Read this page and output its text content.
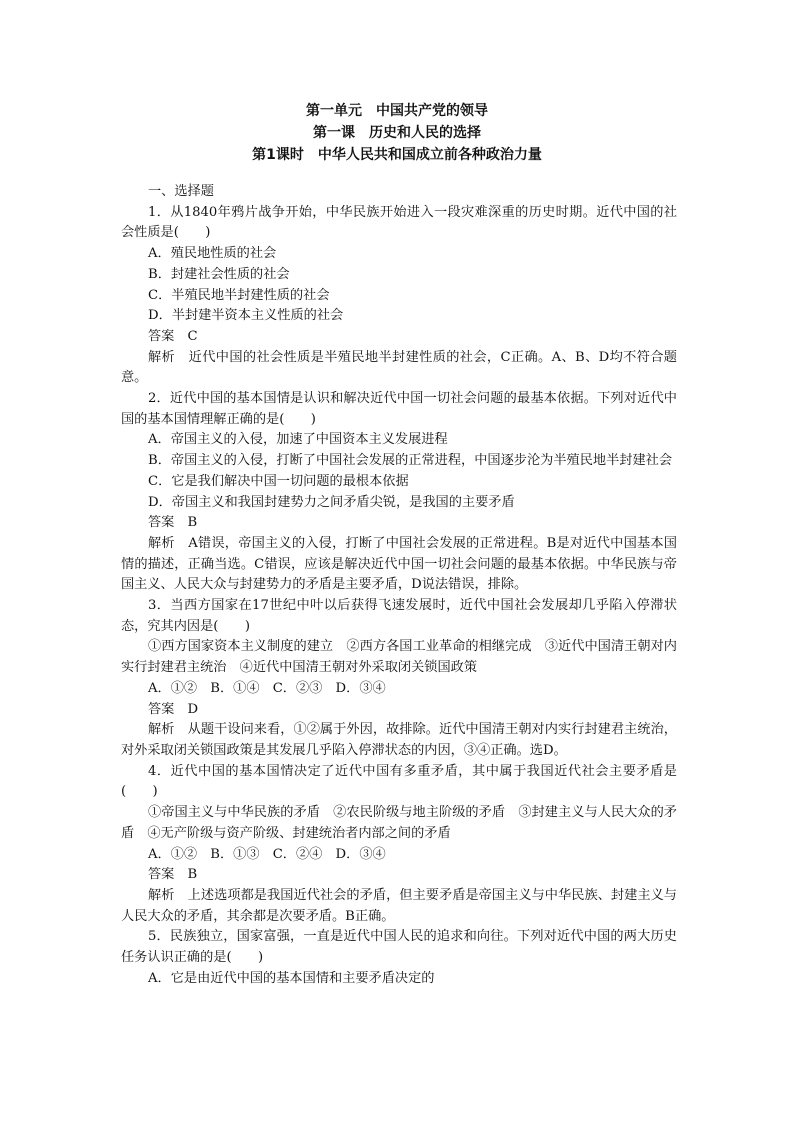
第一单元　中国共产党的领导
第一课　历史和人民的选择
第1课时　中华人民共和国成立前各种政治力量

一、选择题

1．从1840年鸦片战争开始，中华民族开始进入一段灾难深重的历史时期。近代中国的社会性质是(　　)

A．殖民地性质的社会

B．封建社会性质的社会

C．半殖民地半封建性质的社会

D．半封建半资本主义性质的社会

答案　C

解析　近代中国的社会性质是半殖民地半封建性质的社会，C正确。A、B、D均不符合题意。

2．近代中国的基本国情是认识和解决近代中国一切社会问题的最基本依据。下列对近代中国的基本国情理解正确的是(　　)

A．帝国主义的入侵，加速了中国资本主义发展进程

B．帝国主义的入侵，打断了中国社会发展的正常进程，中国逐步沦为半殖民地半封建社会

C．它是我们解决中国一切问题的最根本依据

D．帝国主义和我国封建势力之间矛盾尖锐，是我国的主要矛盾

答案　B

解析　A错误，帝国主义的入侵，打断了中国社会发展的正常进程。B是对近代中国基本国情的描述，正确当选。C错误，应该是解决近代中国一切社会问题的最基本依据。中华民族与帝国主义、人民大众与封建势力的矛盾是主要矛盾，D说法错误，排除。

3．当西方国家在17世纪中叶以后获得飞速发展时，近代中国社会发展却几乎陷入停滞状态，究其内因是(　　)

①西方国家资本主义制度的建立　②西方各国工业革命的相继完成　③近代中国清王朝对内实行封建君主统治　④近代中国清王朝对外采取闭关锁国政策

A．①②　B．①④　C．②③　D．③④

答案　D

解析　从题干设问来看，①②属于外因，故排除。近代中国清王朝对内实行封建君主统治，对外采取闭关锁国政策是其发展几乎陷入停滞状态的内因，③④正确。选D。

4．近代中国的基本国情决定了近代中国有多重矛盾，其中属于我国近代社会主要矛盾是(　　)

①帝国主义与中华民族的矛盾　②农民阶级与地主阶级的矛盾　③封建主义与人民大众的矛盾　④无产阶级与资产阶级、封建统治者内部之间的矛盾

A．①②　B．①③　C．②④　D．③④

答案　B

解析　上述选项都是我国近代社会的矛盾，但主要矛盾是帝国主义与中华民族、封建主义与人民大众的矛盾，其余都是次要矛盾。B正确。

5．民族独立，国家富强，一直是近代中国人民的追求和向往。下列对近代中国的两大历史任务认识正确的是(　　)

A．它是由近代中国的基本国情和主要矛盾决定的
